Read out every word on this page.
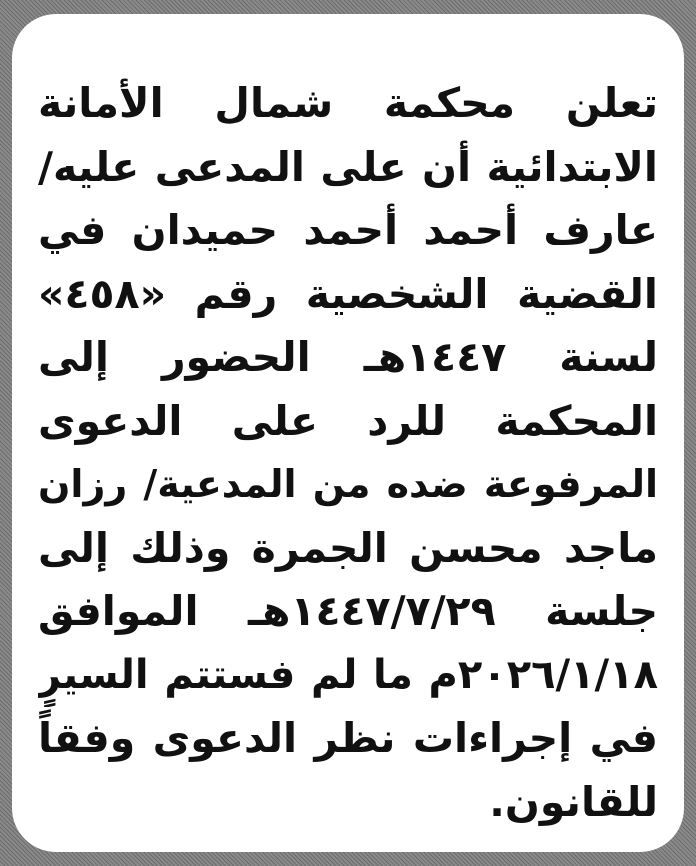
تعلن محكمة شمال الأمانة
الابتدائية أن على المدعى عليه/
عارف أحمد أحمد حميدان في
القضية الشخصية رقم «٤٥٨»
لسنة ١٤٤٧هـ الحضور إلى
المحكمة للرد على الدعوى
المرفوعة ضده من المدعية/ رزان
ماجد محسن الجمرة وذلك إلى
جلسة ١٤٤٧/٧/٢٩هـ الموافق
٢٠٢٦/١/١٨م ما لم فستتم السيرٍ
في إجراءات نظر الدعوى وفقاً
للقانون.
